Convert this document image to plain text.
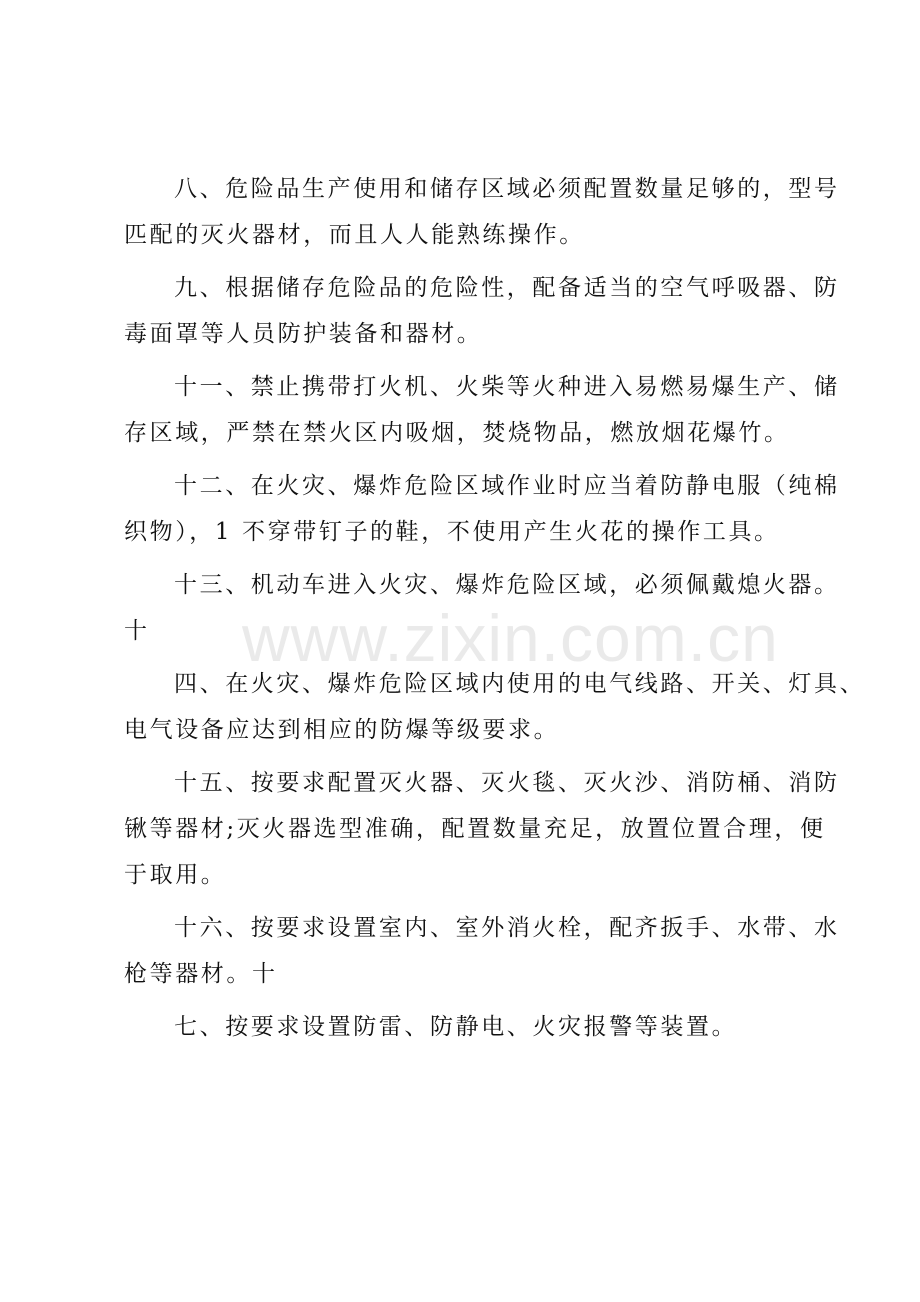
www.zixin.com.cn
八、危险品生产使用和储存区域必须配置数量足够的，型号
匹配的灭火器材，而且人人能熟练操作。
九、根据储存危险品的危险性，配备适当的空气呼吸器、防
毒面罩等人员防护装备和器材。
十一、禁止携带打火机、火柴等火种进入易燃易爆生产、储
存区域，严禁在禁火区内吸烟，焚烧物品，燃放烟花爆竹。
十二、在火灾、爆炸危险区域作业时应当着防静电服（纯棉
织物），1 不穿带钉子的鞋，不使用产生火花的操作工具。
十三、机动车进入火灾、爆炸危险区域，必须佩戴熄火器。
十
四、在火灾、爆炸危险区域内使用的电气线路、开关、灯具、
电气设备应达到相应的防爆等级要求。
十五、按要求配置灭火器、灭火毯、灭火沙、消防桶、消防
锹等器材;灭火器选型准确，配置数量充足，放置位置合理，便
于取用。
十六、按要求设置室内、室外消火栓，配齐扳手、水带、水
枪等器材。十
七、按要求设置防雷、防静电、火灾报警等装置。
